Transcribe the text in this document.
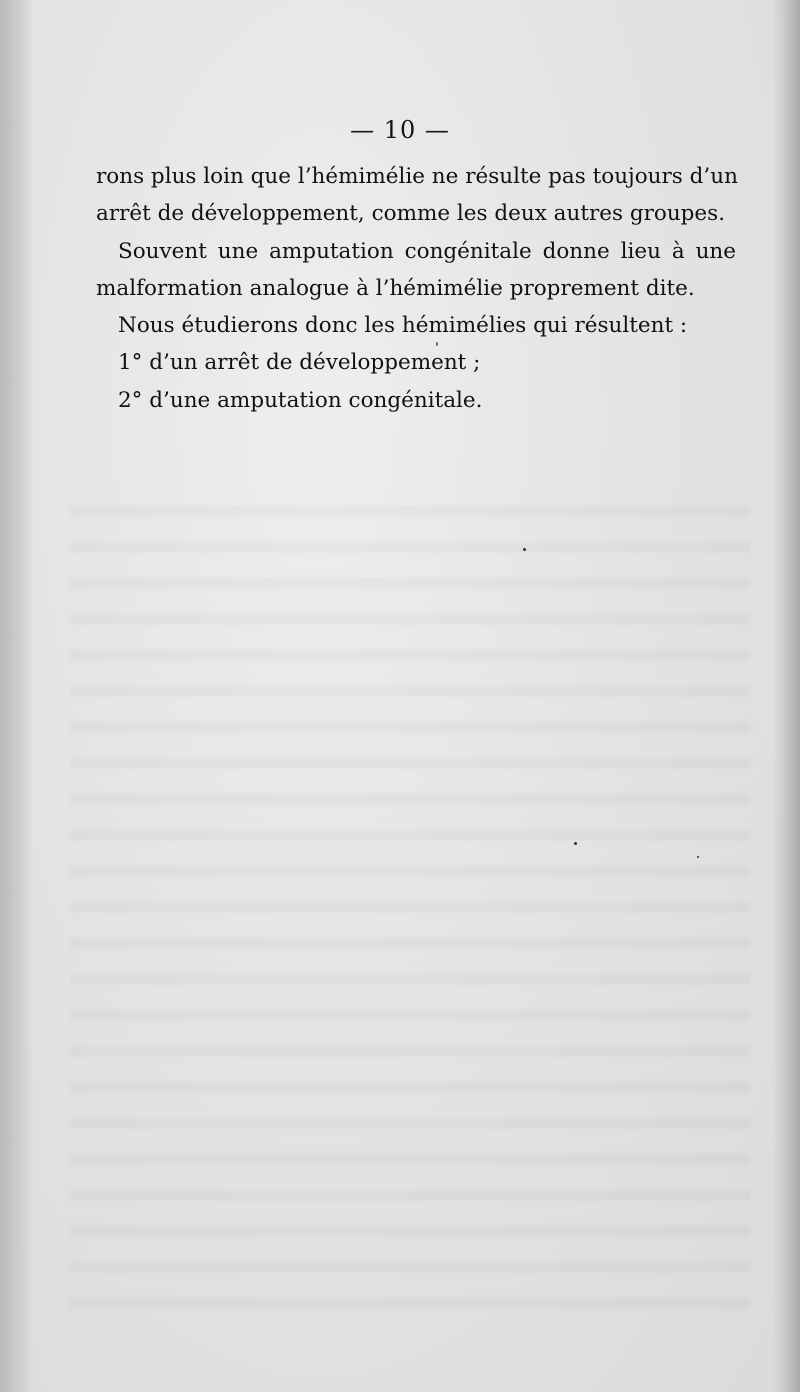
— 10 —
rons plus loin que l’hémimélie ne résulte pas toujours d’un
arrêt de développement, comme les deux autres groupes.
Souvent une amputation congénitale donne lieu à une
malformation analogue à l’hémimélie proprement dite.
Nous étudierons donc les hémimélies qui résultent :
1° d’un arrêt de développement ;
2° d’une amputation congénitale.
